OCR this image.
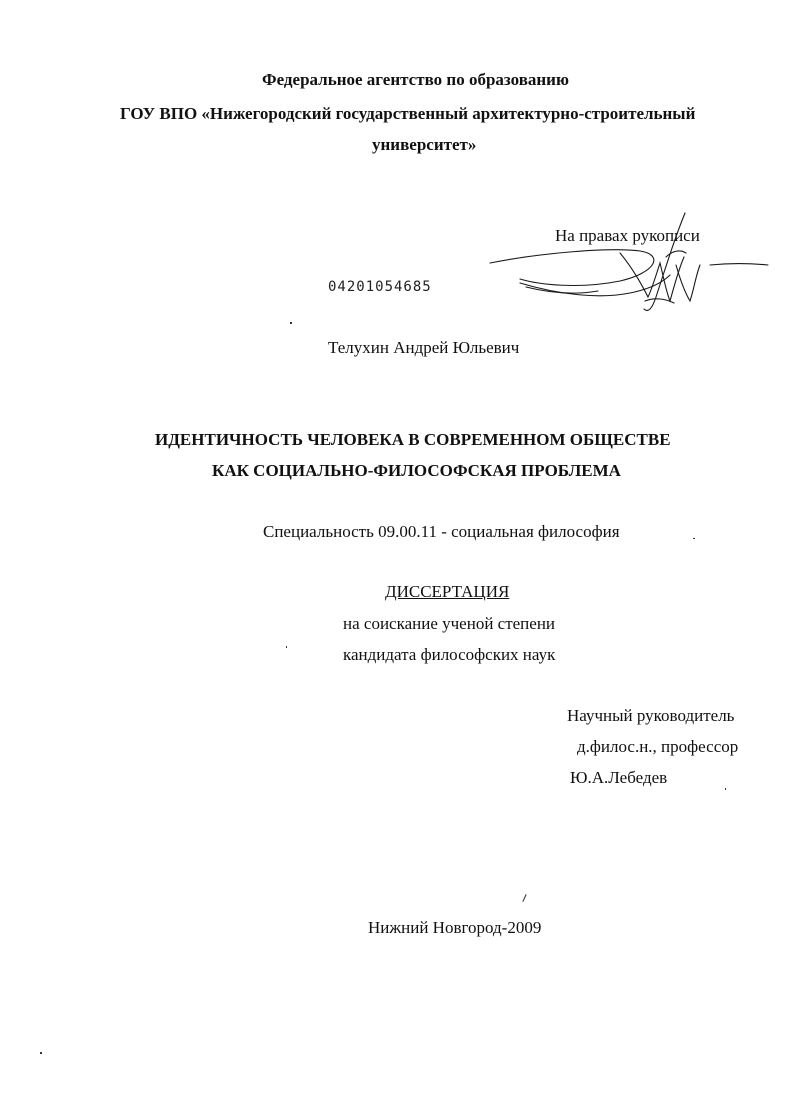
Федеральное агентство по образованию
ГОУ ВПО «Нижегородский государственный архитектурно-строительный
университет»
На правах рукописи
04201054685
Телухин Андрей Юльевич
ИДЕНТИЧНОСТЬ ЧЕЛОВЕКА В СОВРЕМЕННОМ ОБЩЕСТВЕ
КАК СОЦИАЛЬНО-ФИЛОСОФСКАЯ ПРОБЛЕМА
Специальность 09.00.11 - социальная философия
ДИССЕРТАЦИЯ
на соискание ученой степени
кандидата философских наук
Научный руководитель
д.филос.н., профессор
Ю.А.Лебедев
Нижний Новгород-2009
